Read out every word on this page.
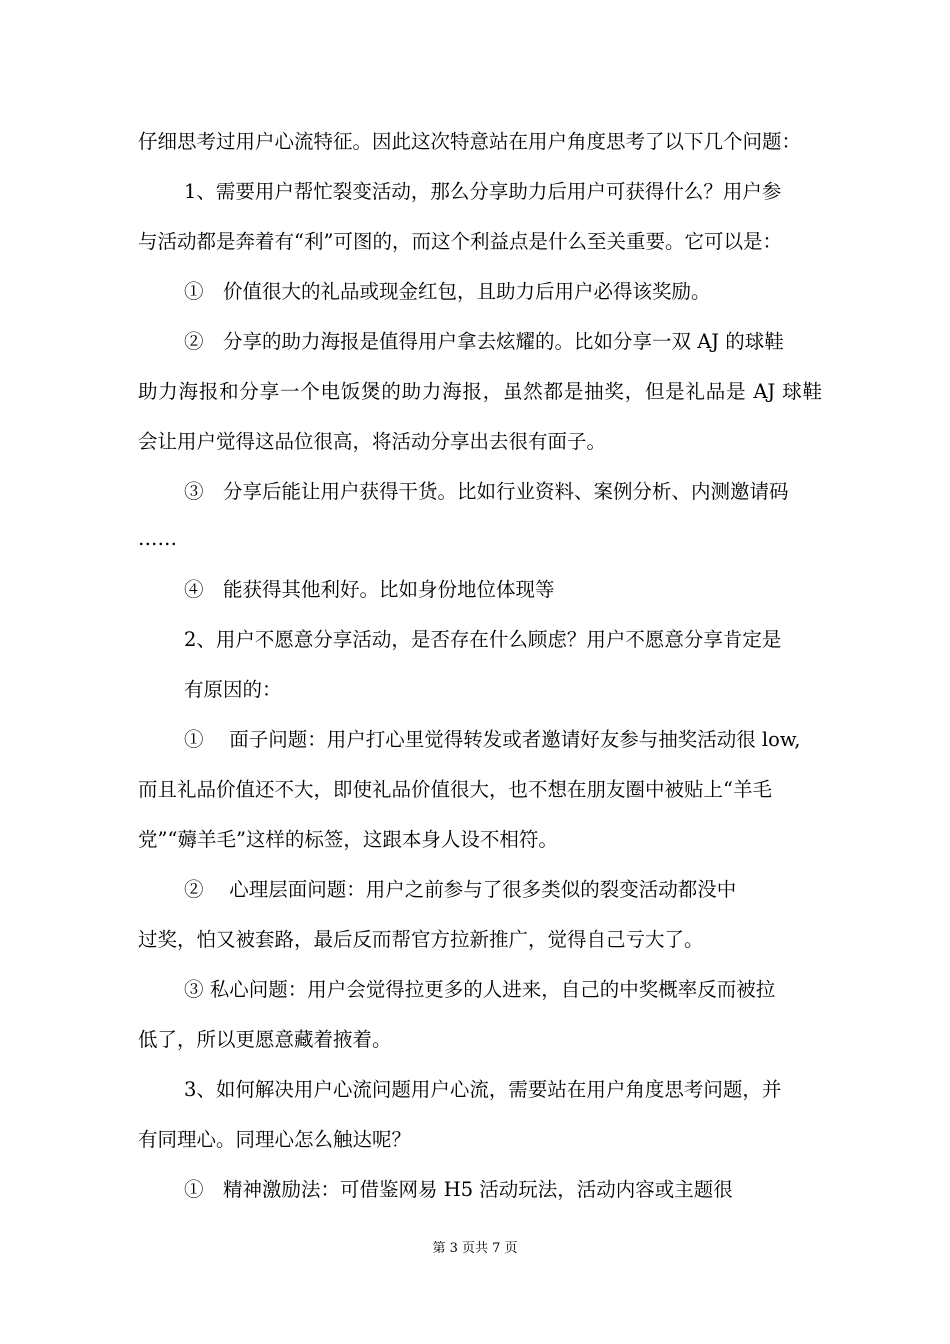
仔细思考过用户心流特征。因此这次特意站在用户角度思考了以下几个问题：
1、需要用户帮忙裂变活动，那么分享助力后用户可获得什么？用户参
与活动都是奔着有“利”可图的，而这个利益点是什么至关重要。它可以是：
①　价值很大的礼品或现金红包，且助力后用户必得该奖励。
②　分享的助力海报是值得用户拿去炫耀的。比如分享一双 AJ 的球鞋
助力海报和分享一个电饭煲的助力海报，虽然都是抽奖，但是礼品是 AJ 球鞋
会让用户觉得这品位很高，将活动分享出去很有面子。
③　分享后能让用户获得干货。比如行业资料、案例分析、内测邀请码
……
④　能获得其他利好。比如身份地位体现等
2、用户不愿意分享活动，是否存在什么顾虑？用户不愿意分享肯定是
有原因的：
①　 面子问题：用户打心里觉得转发或者邀请好友参与抽奖活动很 low,
而且礼品价值还不大，即使礼品价值很大，也不想在朋友圈中被贴上“羊毛
党”“薅羊毛”这样的标签，这跟本身人设不相符。
②　 心理层面问题：用户之前参与了很多类似的裂变活动都没中
过奖，怕又被套路，最后反而帮官方拉新推广，觉得自己亏大了。
③ 私心问题：用户会觉得拉更多的人进来，自己的中奖概率反而被拉
低了，所以更愿意藏着掖着。
3、如何解决用户心流问题用户心流，需要站在用户角度思考问题，并
有同理心。同理心怎么触达呢？
①　精神激励法：可借鉴网易 H5 活动玩法，活动内容或主题很
第 3 页共 7 页
